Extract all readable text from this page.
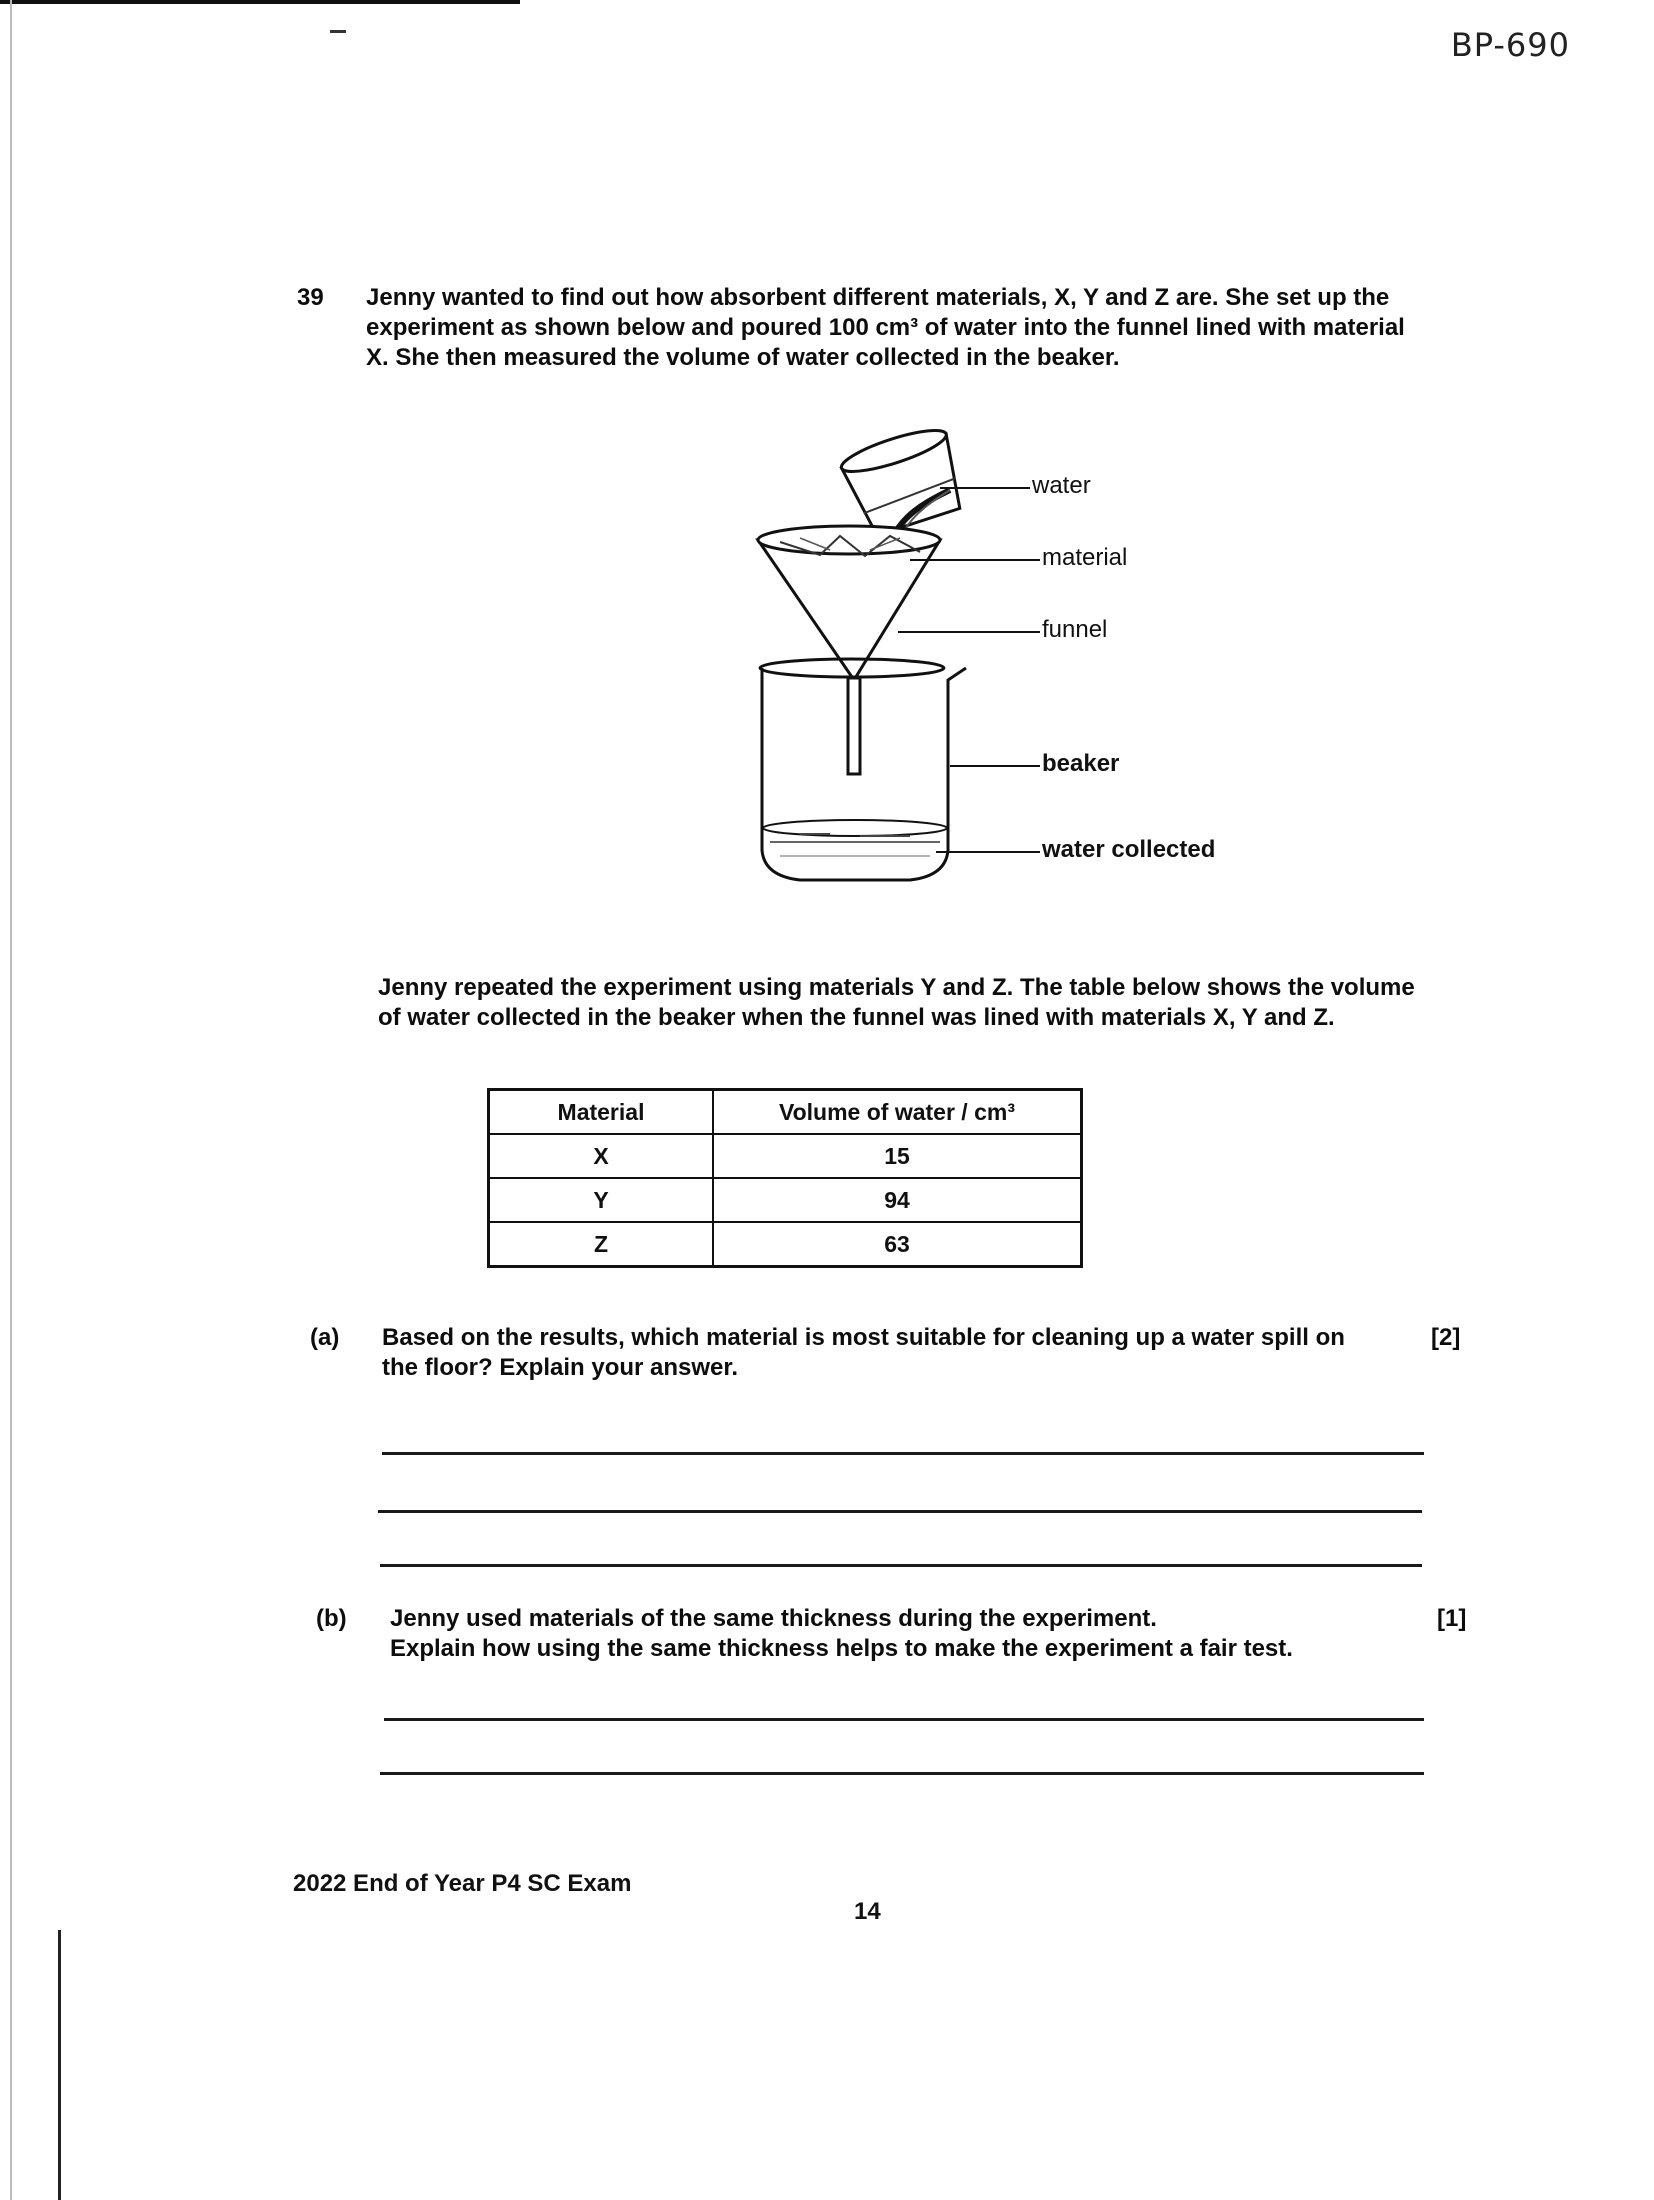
BP-690
39 Jenny wanted to find out how absorbent different materials, X, Y and Z are. She set up the experiment as shown below and poured 100 cm³ of water into the funnel lined with material X. She then measured the volume of water collected in the beaker.
water
material
funnel
beaker
water collected
Jenny repeated the experiment using materials Y and Z. The table below shows the volume of water collected in the beaker when the funnel was lined with materials X, Y and Z.
Material	Volume of water / cm³
X	15
Y	94
Z	63
(a) Based on the results, which material is most suitable for cleaning up a water spill on the floor? Explain your answer.
[2]
(b) Jenny used materials of the same thickness during the experiment.
Explain how using the same thickness helps to make the experiment a fair test.
[1]
2022 End of Year P4 SC Exam
14
